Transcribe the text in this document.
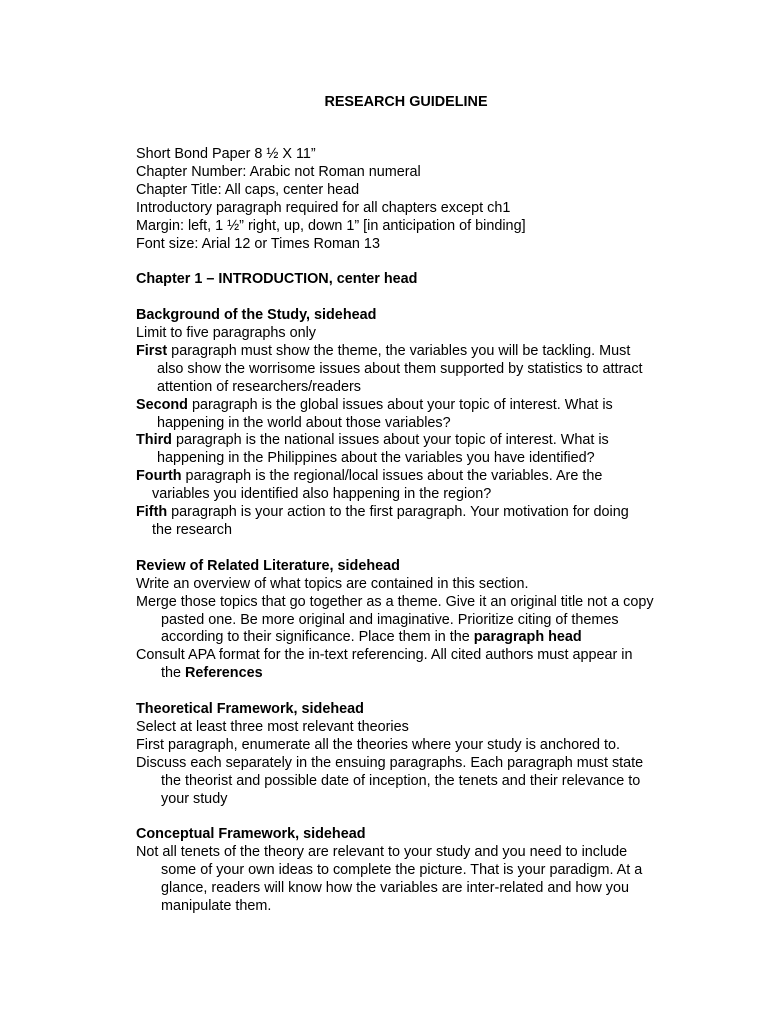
RESEARCH GUIDELINE

Short Bond Paper 8 ½ X 11”

Chapter Number: Arabic not Roman numeral

Chapter Title: All caps, center head

Introductory paragraph required for all chapters except ch1

Margin: left, 1 ½” right, up, down 1” [in anticipation of binding]

Font size: Arial 12 or Times Roman 13

Chapter 1 – INTRODUCTION, center head

Background of the Study, sidehead

Limit to five paragraphs only

First paragraph must show the theme, the variables you will be tackling. Must
also show the worrisome issues about them supported by statistics to attract
attention of researchers/readers
Second paragraph is the global issues about your topic of interest. What is
happening in the world about those variables?
Third paragraph is the national issues about your topic of interest. What is
happening in the Philippines about the variables you have identified?
Fourth paragraph is the regional/local issues about the variables. Are the
variables you identified also happening in the region?
Fifth paragraph is your action to the first paragraph. Your motivation for doing
the research

Review of Related Literature, sidehead

Write an overview of what topics are contained in this section.

Merge those topics that go together as a theme. Give it an original title not a copy
pasted one. Be more original and imaginative. Prioritize citing of themes
according to their significance. Place them in the paragraph head
Consult APA format for the in-text referencing. All cited authors must appear in
the References

Theoretical Framework, sidehead

Select at least three most relevant theories

First paragraph, enumerate all the theories where your study is anchored to.

Discuss each separately in the ensuing paragraphs. Each paragraph must state
the theorist and possible date of inception, the tenets and their relevance to
your study

Conceptual Framework, sidehead

Not all tenets of the theory are relevant to your study and you need to include
some of your own ideas to complete the picture. That is your paradigm. At a
glance, readers will know how the variables are inter-related and how you
manipulate them.
